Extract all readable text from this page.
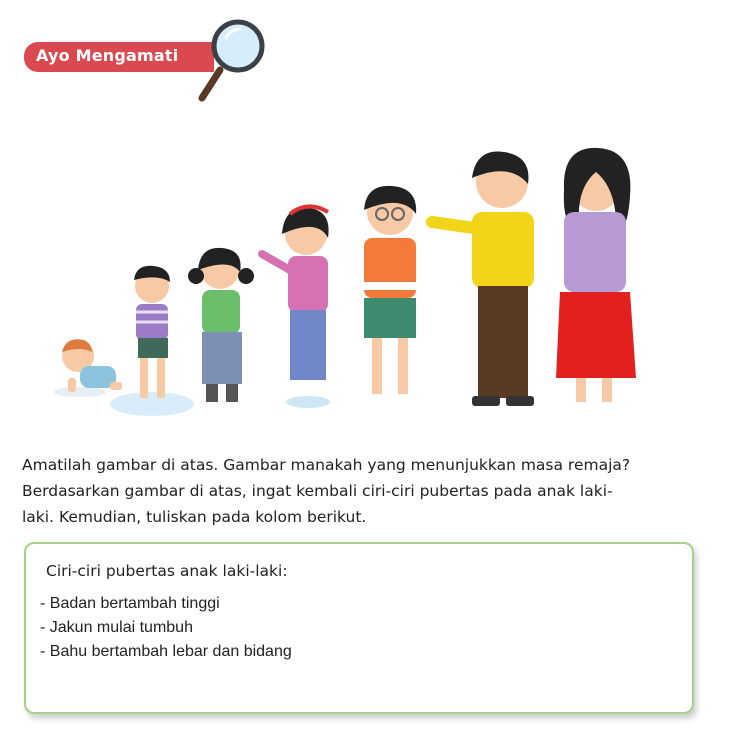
Ayo Mengamati
Amatilah gambar di atas. Gambar manakah yang menunjukkan masa remaja?
Berdasarkan gambar di atas, ingat kembali ciri-ciri pubertas pada anak laki-
laki. Kemudian, tuliskan pada kolom berikut.
Ciri-ciri pubertas anak laki-laki:
- Badan bertambah tinggi
- Jakun mulai tumbuh
- Bahu bertambah lebar dan bidang
